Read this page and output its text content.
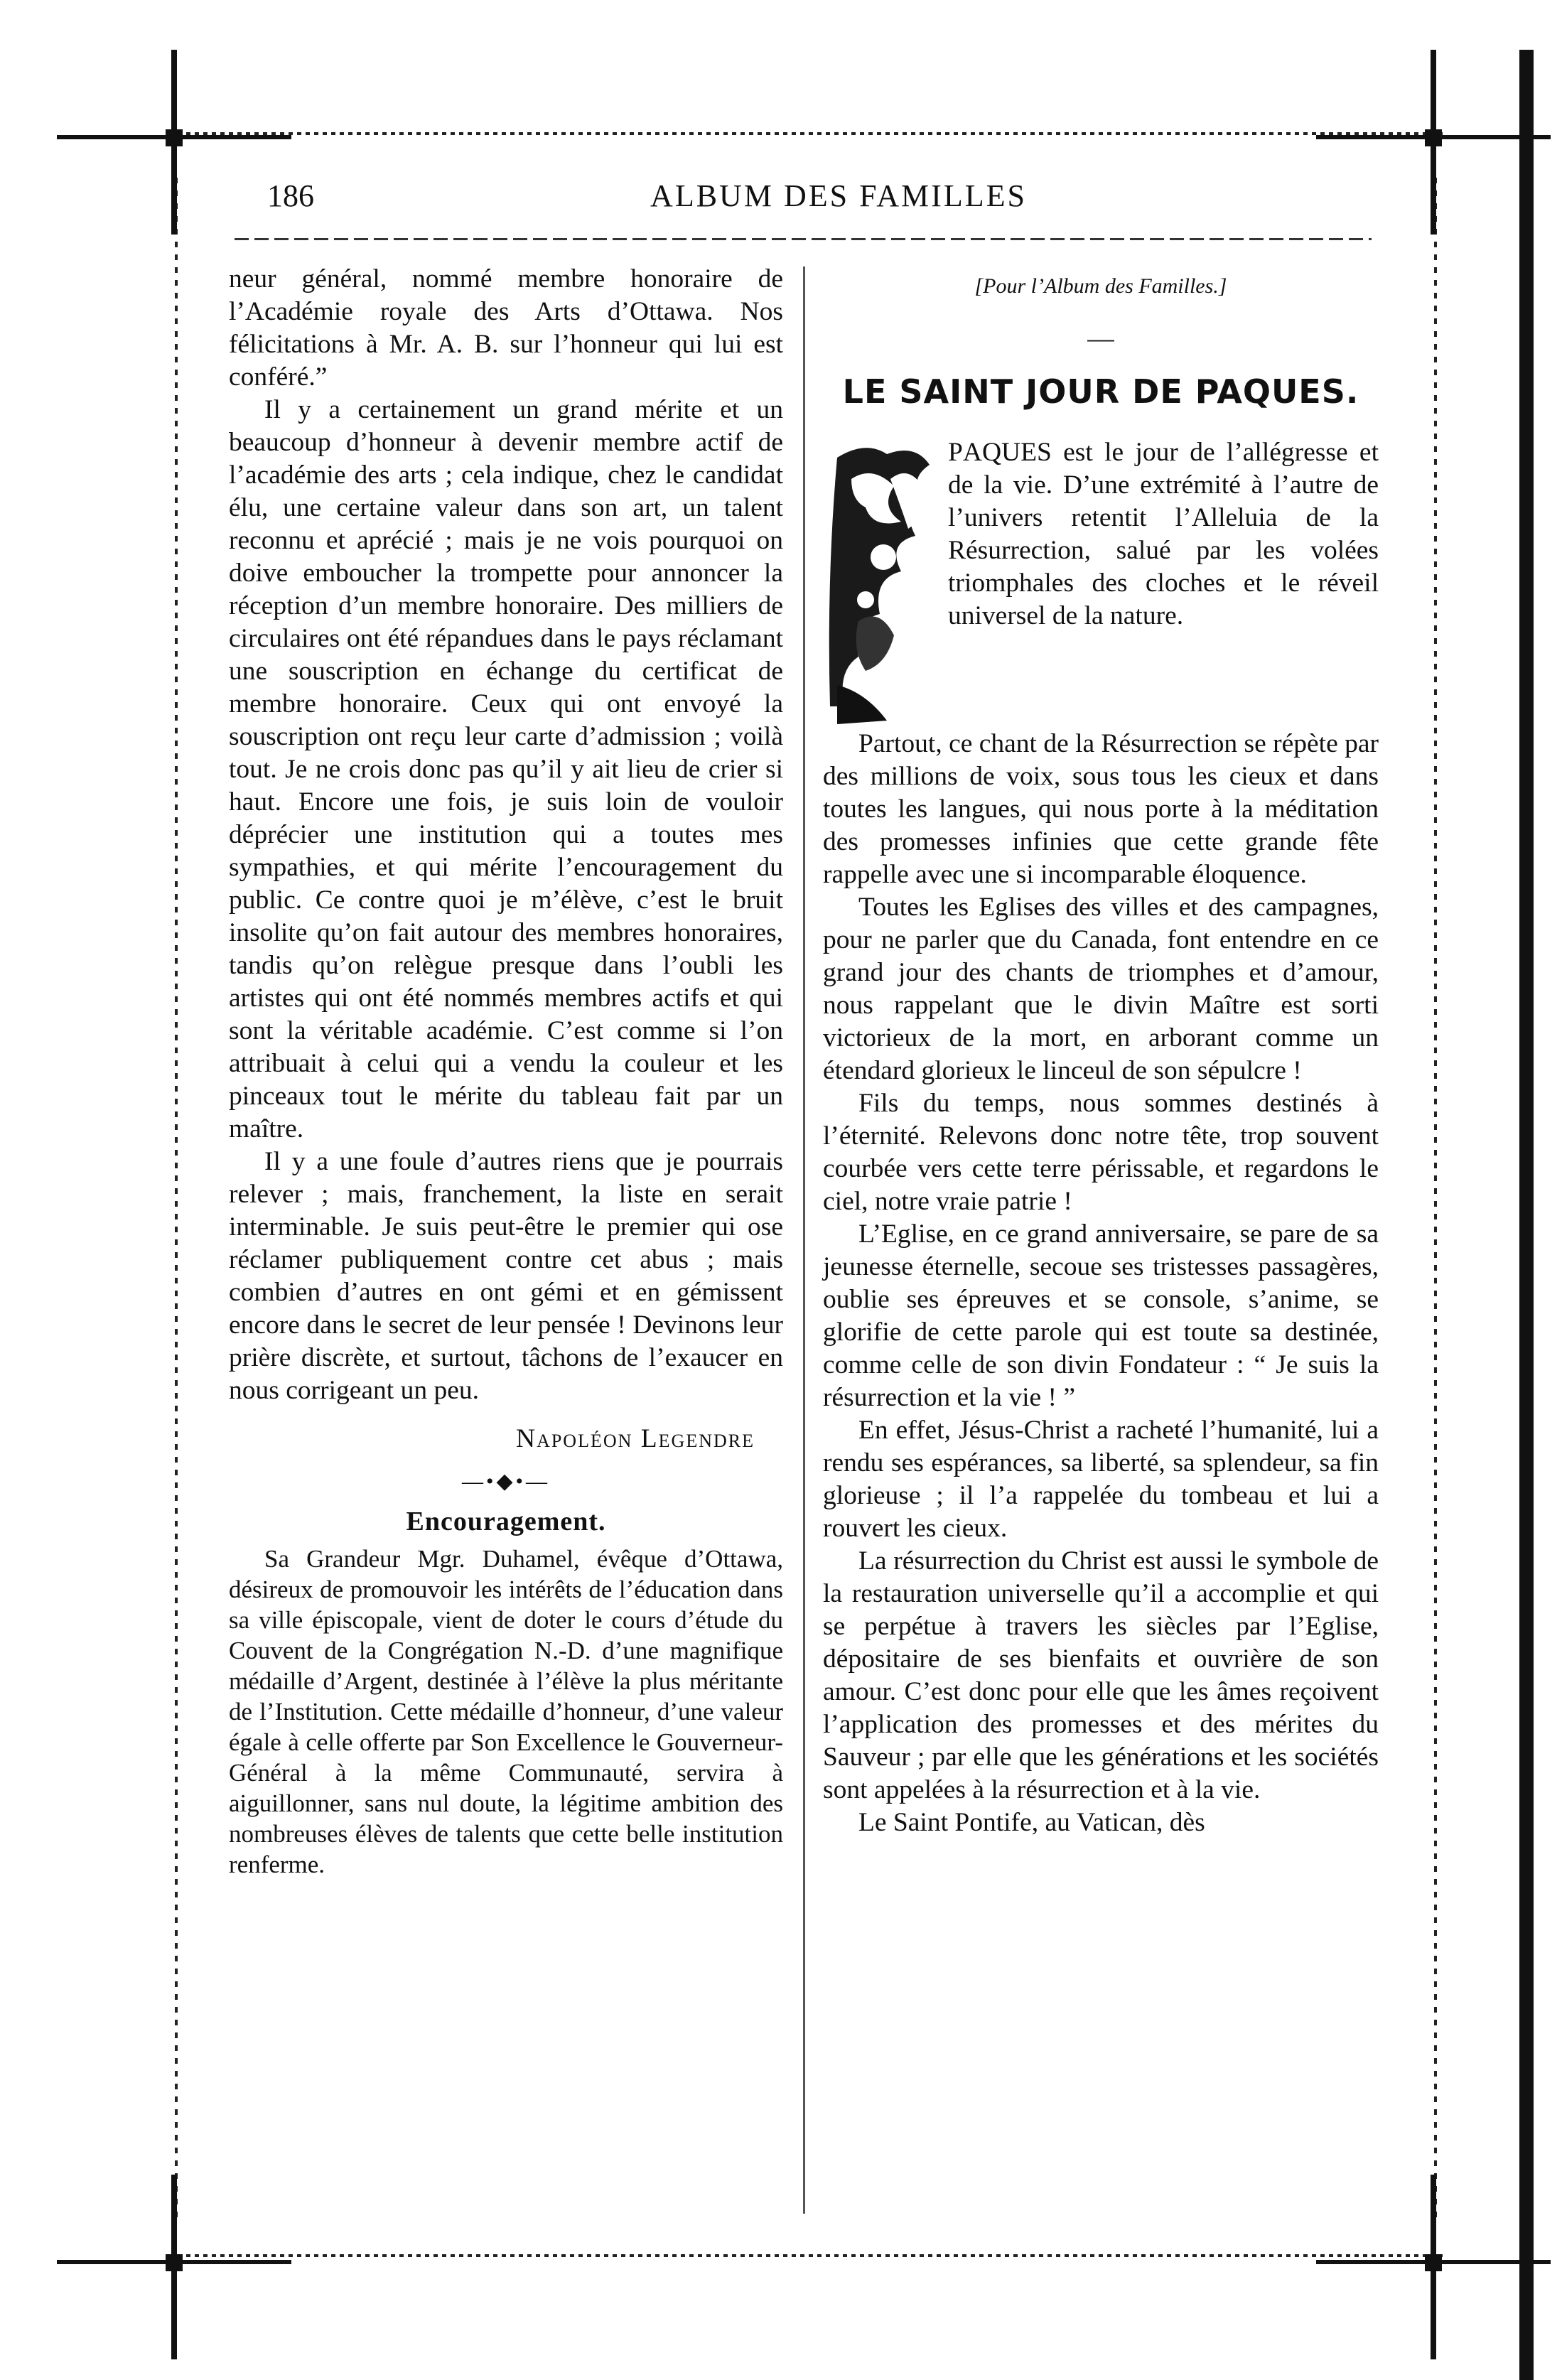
186	ALBUM DES FAMILLES

neur général, nommé membre honoraire de l’Académie royale des Arts d’Ottawa. Nos félicitations à Mr. A. B. sur l’honneur qui lui est conféré.”

Il y a certainement un grand mérite et un beaucoup d’honneur à devenir membre actif de l’académie des arts ; cela indique, chez le candidat élu, une certaine valeur dans son art, un talent reconnu et aprécié ; mais je ne vois pourquoi on doive emboucher la trompette pour annoncer la réception d’un membre honoraire. Des milliers de circulaires ont été répandues dans le pays réclamant une souscription en échange du certificat de membre honoraire. Ceux qui ont envoyé la souscription ont reçu leur carte d’admission ; voilà tout. Je ne crois donc pas qu’il y ait lieu de crier si haut. Encore une fois, je suis loin de vouloir déprécier une institution qui a toutes mes sympathies, et qui mérite l’encouragement du public. Ce contre quoi je m’élève, c’est le bruit insolite qu’on fait autour des membres honoraires, tandis qu’on relègue presque dans l’oubli les artistes qui ont été nommés membres actifs et qui sont la véritable académie. C’est comme si l’on attribuait à celui qui a vendu la couleur et les pinceaux tout le mérite du tableau fait par un maître.

Il y a une foule d’autres riens que je pourrais relever ; mais, franchement, la liste en serait interminable. Je suis peut-être le premier qui ose réclamer publiquement contre cet abus ; mais combien d’autres en ont gémi et en gémissent encore dans le secret de leur pensée ! Devinons leur prière discrète, et surtout, tâchons de l’exaucer en nous corrigeant un peu.

Napoléon Legendre
—•◆•—
Encouragement.

Sa Grandeur Mgr. Duhamel, évêque d’Ottawa, désireux de promouvoir les intérêts de l’éducation dans sa ville épiscopale, vient de doter le cours d’étude du Couvent de la Congrégation N.-D. d’une magnifique médaille d’Argent, destinée à l’élève la plus méritante de l’Institution. Cette médaille d’honneur, d’une valeur égale à celle offerte par Son Excellence le Gouverneur-Général à la même Communauté, servira à aiguillonner, sans nul doute, la légitime ambition des nombreuses élèves de talents que cette belle institution renferme.

[Pour l’Album des Familles.]
—
LE SAINT JOUR DE PAQUES.

PAQUES est le jour de l’allégresse et de la vie. D’une extrémité à l’autre de l’univers retentit l’Alleluia de la Résurrection, salué par les volées triomphales des cloches et le réveil universel de la nature.

Partout, ce chant de la Résurrection se répète par des millions de voix, sous tous les cieux et dans toutes les langues, qui nous porte à la méditation des promesses infinies que cette grande fête rappelle avec une si incomparable éloquence.

Toutes les Eglises des villes et des campagnes, pour ne parler que du Canada, font entendre en ce grand jour des chants de triomphes et d’amour, nous rappelant que le divin Maître est sorti victorieux de la mort, en arborant comme un étendard glorieux le linceul de son sépulcre !

Fils du temps, nous sommes destinés à l’éternité. Relevons donc notre tête, trop souvent courbée vers cette terre périssable, et regardons le ciel, notre vraie patrie !

L’Eglise, en ce grand anniversaire, se pare de sa jeunesse éternelle, secoue ses tristesses passagères, oublie ses épreuves et se console, s’anime, se glorifie de cette parole qui est toute sa destinée, comme celle de son divin Fondateur : “ Je suis la résurrection et la vie ! ”

En effet, Jésus-Christ a racheté l’humanité, lui a rendu ses espérances, sa liberté, sa splendeur, sa fin glorieuse ; il l’a rappelée du tombeau et lui a rouvert les cieux.

La résurrection du Christ est aussi le symbole de la restauration universelle qu’il a accomplie et qui se perpétue à travers les siècles par l’Eglise, dépositaire de ses bienfaits et ouvrière de son amour. C’est donc pour elle que les âmes reçoivent l’application des promesses et des mérites du Sauveur ; par elle que les générations et les sociétés sont appelées à la résurrection et à la vie.

Le Saint Pontife, au Vatican, dès
